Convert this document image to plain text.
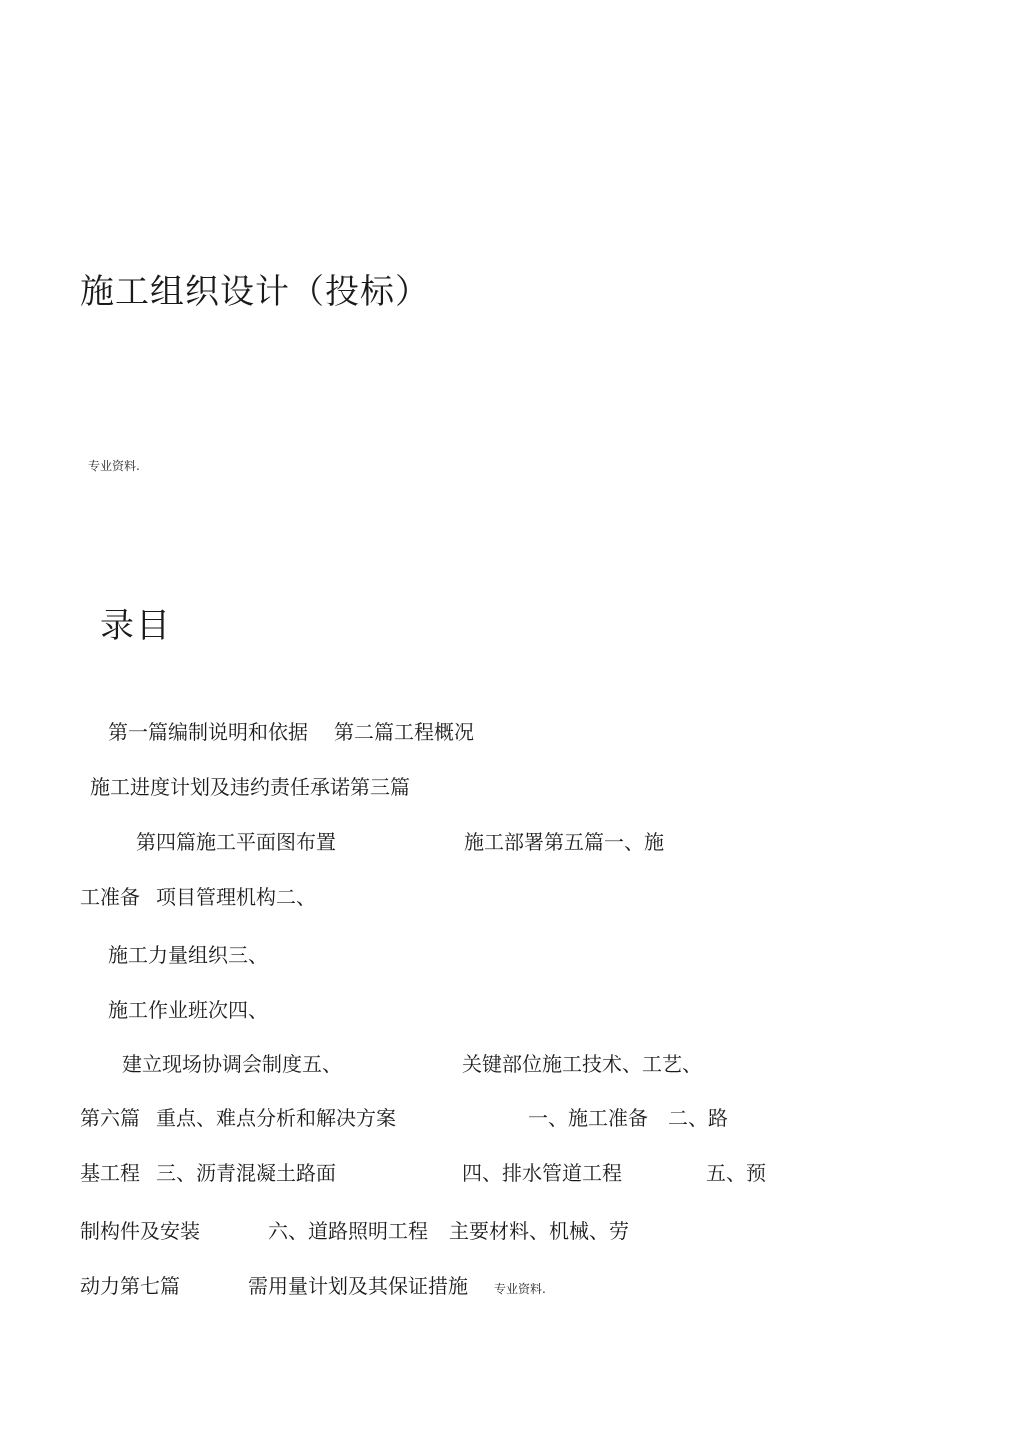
施工组织设计（投标）
专业资料.
录目
第一篇编制说明和依据 第二篇工程概况
施工进度计划及违约责任承诺第三篇
第四篇施工平面图布置	施工部署第五篇一、施
工准备 项目管理机构二、
施工力量组织三、
施工作业班次四、
建立现场协调会制度五、	关键部位施工技术、工艺、
第六篇 重点、难点分析和解决方案	一、施工准备 二、路
基工程 三、沥青混凝土路面	四、排水管道工程	五、预
制构件及安装	六、道路照明工程 主要材料、机械、劳
动力第七篇	需用量计划及其保证措施 专业资料.
